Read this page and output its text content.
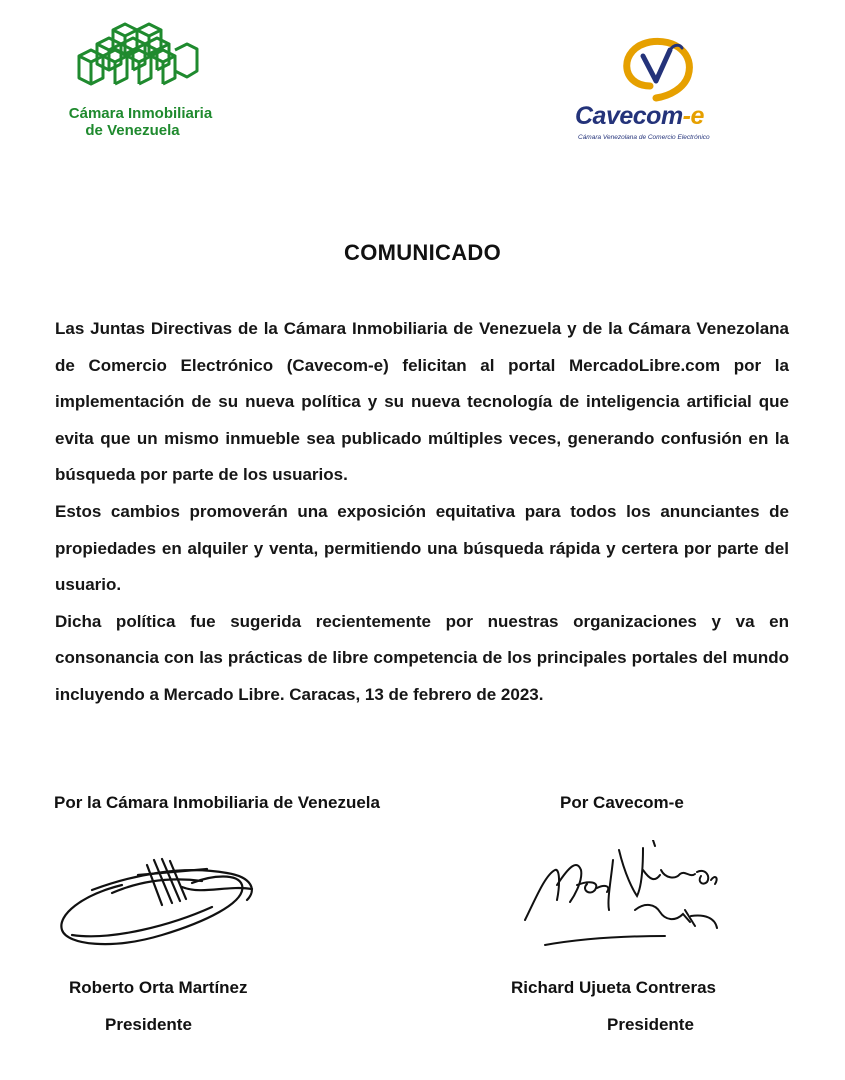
Cámara Inmobiliaria
de Venezuela
Cavecom-e
Cámara Venezolana de Comercio Electrónico
COMUNICADO

Las Juntas Directivas de la Cámara Inmobiliaria de Venezuela y de la Cámara Venezolana de Comercio Electrónico (Cavecom-e) felicitan al portal MercadoLibre.com por la implementación de su nueva política y su nueva tecnología de inteligencia artificial que evita que un mismo inmueble sea publicado múltiples veces, generando confusión en la búsqueda por parte de los usuarios.

Estos cambios promoverán una exposición equitativa para todos los anunciantes de propiedades en alquiler y venta, permitiendo una búsqueda rápida y certera por parte del usuario.

Dicha política fue sugerida recientemente por nuestras organizaciones y va en consonancia con las prácticas de libre competencia de los principales portales del mundo incluyendo a Mercado Libre. Caracas, 13 de febrero de 2023.

Por la Cámara Inmobiliaria de Venezuela
Roberto Orta Martínez
Presidente
Por Cavecom-e
Richard Ujueta Contreras
Presidente
